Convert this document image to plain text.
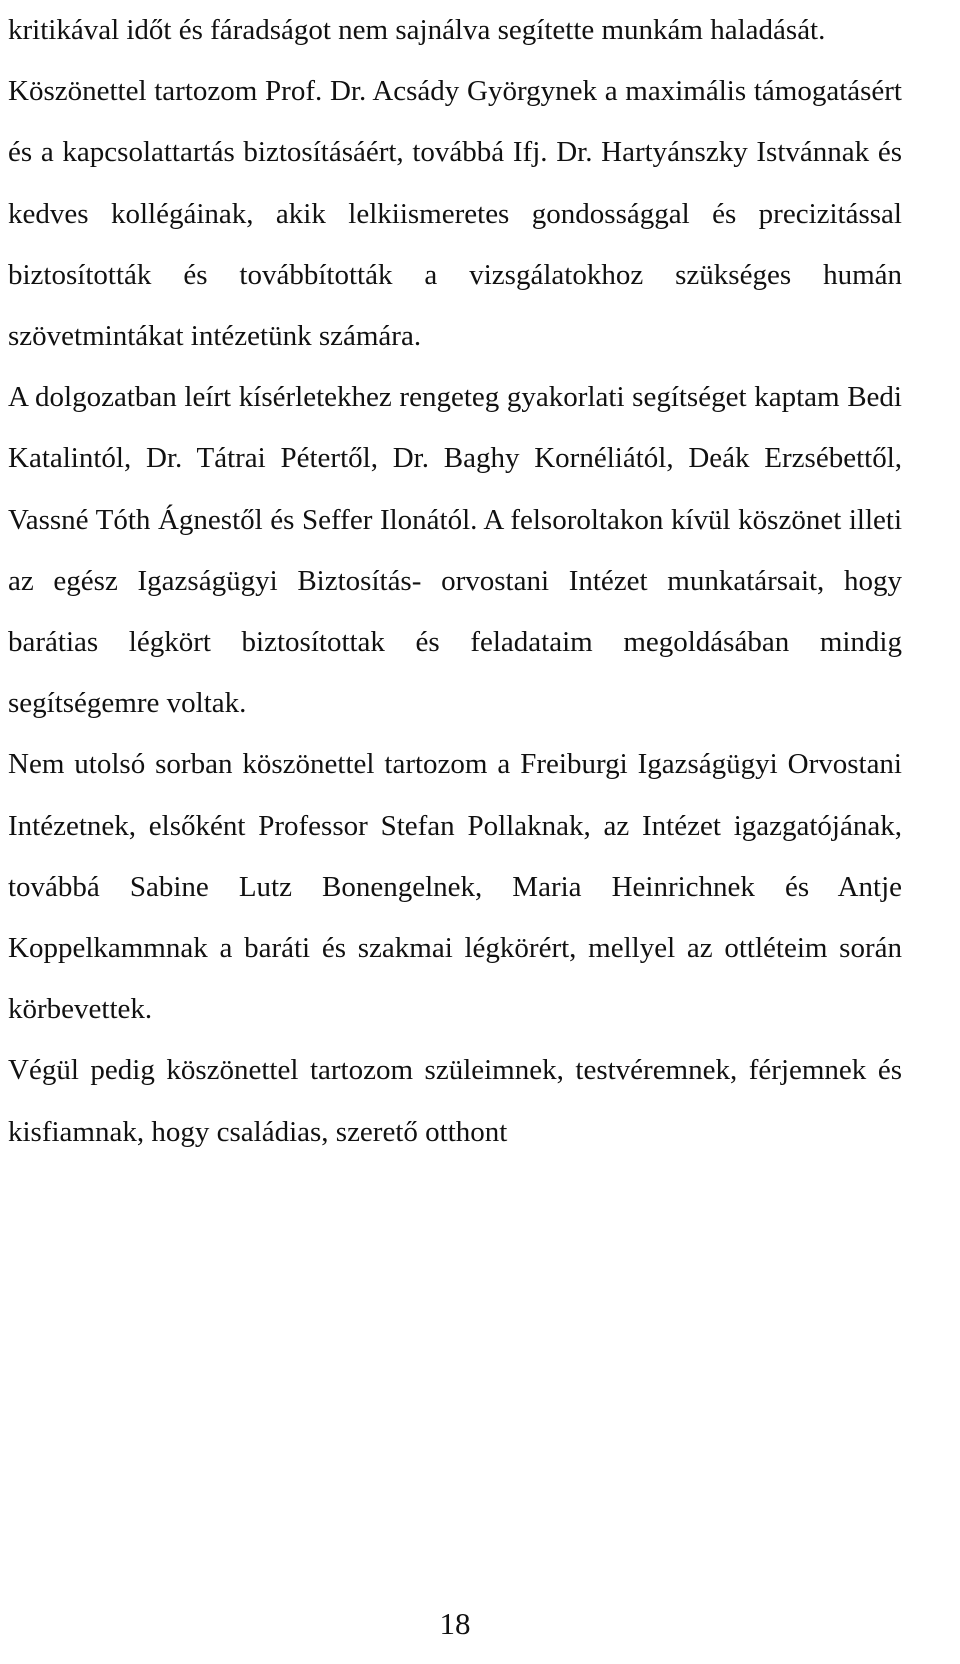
kritikával időt és fáradságot nem sajnálva segítette munkám haladását.

Köszönettel tartozom Prof. Dr. Acsády Györgynek a maximális támogatásért és a kapcsolattartás biztosításáért, továbbá Ifj. Dr. Hartyánszky Istvánnak és kedves kollégáinak, akik lelkiismeretes gondossággal és precizitással biztosították és továbbították a vizsgálatokhoz szükséges humán szövetmintákat intézetünk számára.

A dolgozatban leírt kísérletekhez rengeteg gyakorlati segítséget kaptam Bedi Katalintól, Dr. Tátrai Pétertől, Dr. Baghy Kornéliától, Deák Erzsébettől, Vassné Tóth Ágnestől és Seffer Ilonától. A felsoroltakon kívül köszönet illeti az egész Igazságügyi Biztosítás- orvostani Intézet munkatársait, hogy barátias légkört biztosítottak és feladataim megoldásában mindig segítségemre voltak.

Nem utolsó sorban köszönettel tartozom a Freiburgi Igazságügyi Orvostani Intézetnek, elsőként Professor Stefan Pollaknak, az Intézet igazgatójának, továbbá Sabine Lutz Bonengelnek, Maria Heinrichnek és Antje Koppelkammnak a baráti és szakmai légkörért, mellyel az ottléteim során körbevettek.

Végül pedig köszönettel tartozom szüleimnek, testvéremnek, férjemnek és kisfiamnak, hogy családias, szerető otthont

18
